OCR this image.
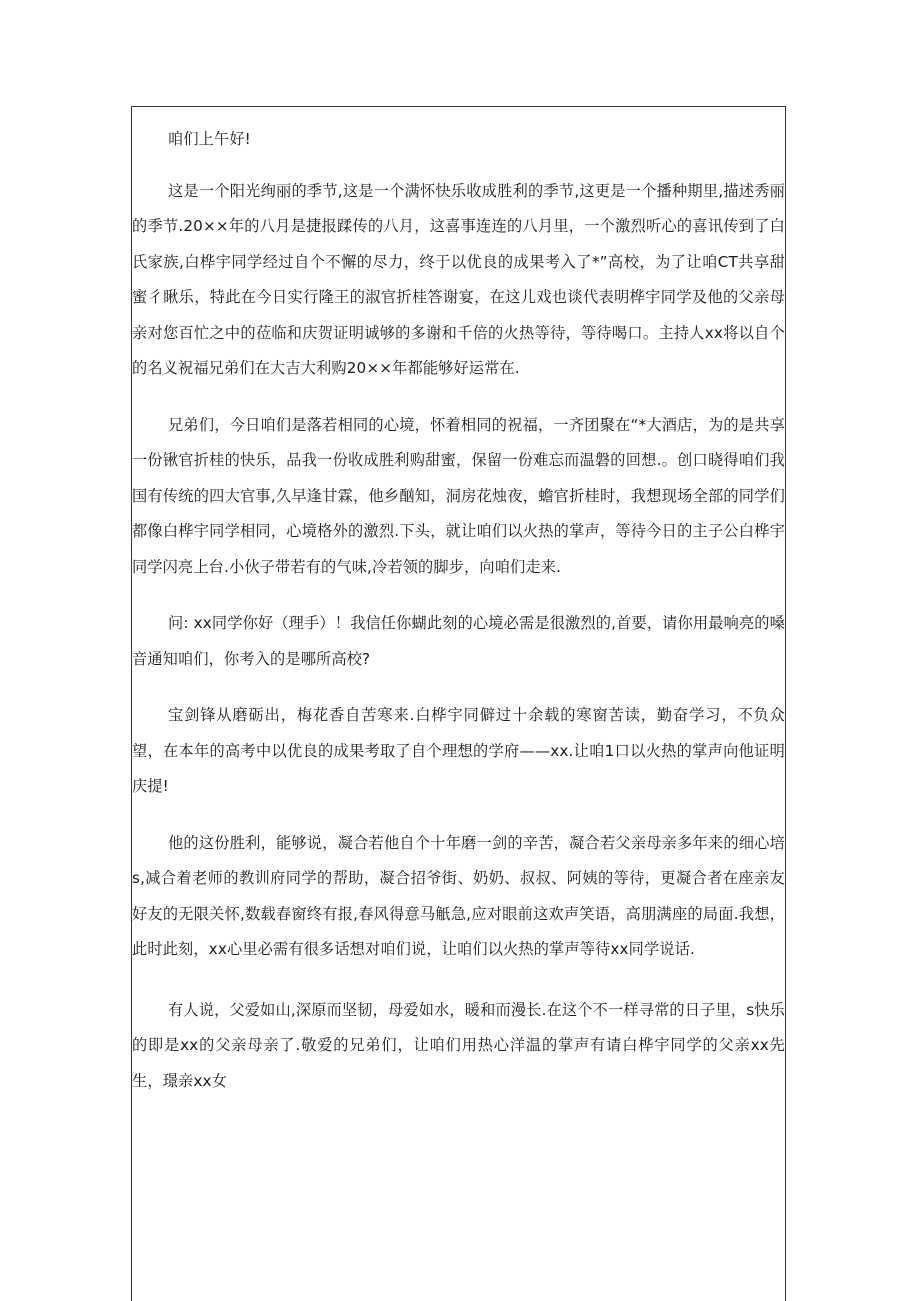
咱们上午好!

这是一个阳光绚丽的季节,这是一个满怀快乐收成胜利的季节,这更是一个播种期里,描述秀丽的季节.20××年的八月是捷报蹂传的八月，这喜事连连的八月里，一个激烈听心的喜讯传到了白氏家族,白桦宇同学经过自个不懈的尽力，终于以优良的成果考入了*”高校，为了让咱CT共享甜蜜彳瞅乐，特此在今日实行隆王的淑官折桂答谢宴，在这儿戏也谈代表明桦宇同学及他的父亲母亲对您百忙之中的莅临和庆贺证明诚够的多谢和千倍的火热等待，等待喝口。主持人xx将以自个的名义祝福兄弟们在大吉大利购20××年都能够好运常在.

兄弟们，今日咱们是落若相同的心境，怀着相同的祝福，一齐团聚在“*大酒店，为的是共享一份锹官折桂的快乐，品我一份收成胜利购甜蜜，保留一份难忘而温磐的回想.。创口晓得咱们我国有传统的四大官事,久早逢甘霖，他乡酗知，洞房花烛夜，蟾官折桂时，我想现场全部的同学们都像白桦宇同学相同，心境格外的激烈.下头，就让咱们以火热的掌声，等待今日的主子公白桦宇同学闪亮上台.小伙子带若有的气味,冷若领的脚步，向咱们走来.

问: xx同学你好（理手）！我信任你蝴此刻的心境必需是很激烈的,首要，请你用最响亮的嗓音通知咱们，你考入的是哪所高校?

宝剑锋从磨砺出，梅花香自苦寒来.白桦宇同僻过十余载的寒窗苦读，勤奋学习，不负众望，在本年的高考中以优良的成果考取了自个理想的学府——xx.让咱1口以火热的掌声向他证明庆提!

他的这份胜利，能够说，凝合若他自个十年磨一剑的辛苦，凝合若父亲母亲多年来的细心培s,减合着老师的教训府同学的帮助，凝合招爷街、奶奶、叔叔、阿姨的等待，更凝合者在座亲友好友的无限关怀,数载春窗终有报,春风得意马觗急,应对眼前这欢声笑语，高朋满座的局面.我想，此时此刻，xx心里必需有很多话想对咱们说，让咱们以火热的掌声等待xx同学说话.

有人说，父爱如山,深原而坚韧，母爱如水，暖和而漫长.在这个不一样寻常的日子里，s快乐的即是xx的父亲母亲了.敬爱的兄弟们，让咱们用热心洋温的掌声有请白桦宇同学的父亲xx先生，璟亲xx女
